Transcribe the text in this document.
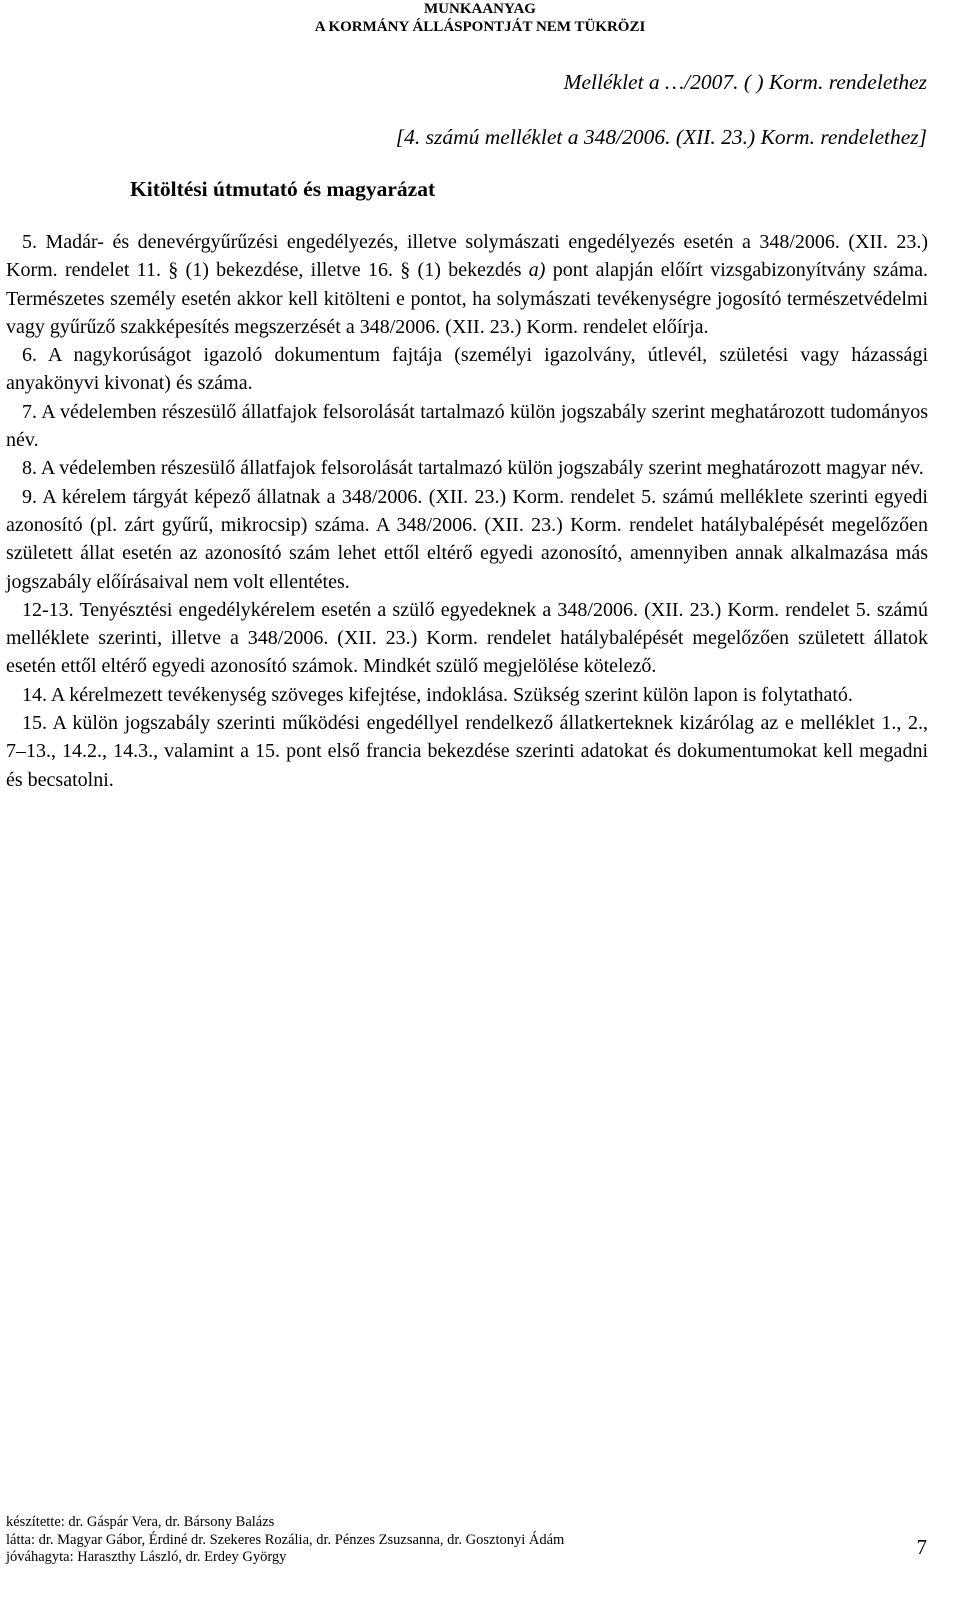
MUNKAANYAG
A KORMÁNY ÁLLÁSPONTJÁT NEM TÜKRÖZI
Melléklet a …/2007. ( ) Korm. rendelethez
[4. számú melléklet a 348/2006. (XII. 23.) Korm. rendelethez]
Kitöltési útmutató és magyarázat

5. Madár- és denevérgyűrűzési engedélyezés, illetve solymászati engedélyezés esetén a 348/2006. (XII. 23.) Korm. rendelet 11. § (1) bekezdése, illetve 16. § (1) bekezdés a) pont alapján előírt vizsgabizonyítvány száma. Természetes személy esetén akkor kell kitölteni e pontot, ha solymászati tevékenységre jogosító természetvédelmi vagy gyűrűző szakképesítés megszerzését a 348/2006. (XII. 23.) Korm. rendelet előírja.

6. A nagykorúságot igazoló dokumentum fajtája (személyi igazolvány, útlevél, születési vagy házassági anyakönyvi kivonat) és száma.

7. A védelemben részesülő állatfajok felsorolását tartalmazó külön jogszabály szerint meghatározott tudományos név.

8. A védelemben részesülő állatfajok felsorolását tartalmazó külön jogszabály szerint meghatározott magyar név.

9. A kérelem tárgyát képező állatnak a 348/2006. (XII. 23.) Korm. rendelet 5. számú melléklete szerinti egyedi azonosító (pl. zárt gyűrű, mikrocsip) száma. A 348/2006. (XII. 23.) Korm. rendelet hatálybalépését megelőzően született állat esetén az azonosító szám lehet ettől eltérő egyedi azonosító, amennyiben annak alkalmazása más jogszabály előírásaival nem volt ellentétes.

12-13. Tenyésztési engedélykérelem esetén a szülő egyedeknek a 348/2006. (XII. 23.) Korm. rendelet 5. számú melléklete szerinti, illetve a 348/2006. (XII. 23.) Korm. rendelet hatálybalépését megelőzően született állatok esetén ettől eltérő egyedi azonosító számok. Mindkét szülő megjelölése kötelező.

14. A kérelmezett tevékenység szöveges kifejtése, indoklása. Szükség szerint külön lapon is folytatható.

15. A külön jogszabály szerinti működési engedéllyel rendelkező állatkerteknek kizárólag az e melléklet 1., 2., 7–13., 14.2., 14.3., valamint a 15. pont első francia bekezdése szerinti adatokat és dokumentumokat kell megadni és becsatolni.

készítette: dr. Gáspár Vera, dr. Bársony Balázs
látta: dr. Magyar Gábor, Érdiné dr. Szekeres Rozália, dr. Pénzes Zsuzsanna, dr. Gosztonyi Ádám
jóváhagyta: Haraszthy László, dr. Erdey György	7
